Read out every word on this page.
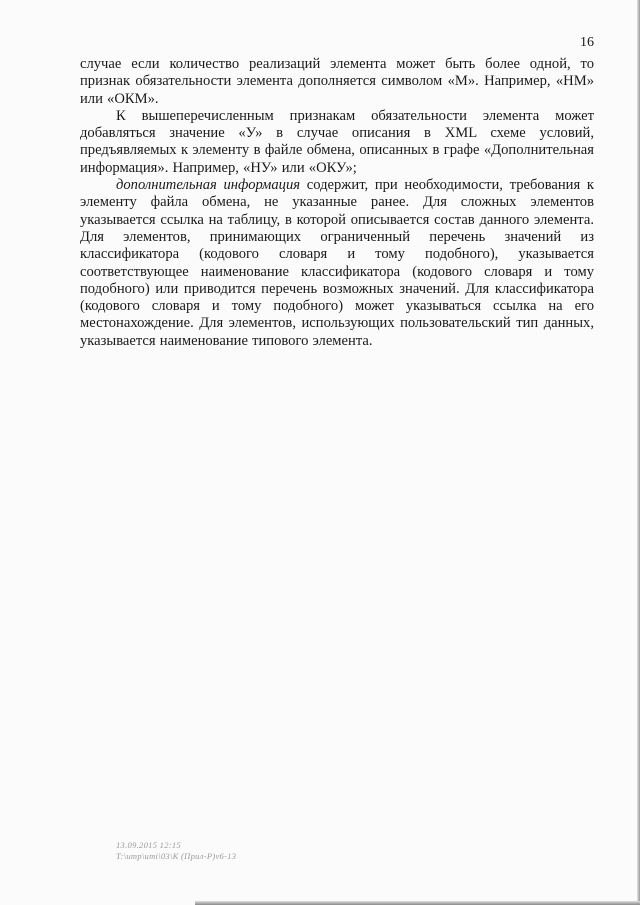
16

случае если количество реализаций элемента может быть более одной, то признак обязательности элемента дополняется символом «М». Например, «НМ» или «ОКМ».

К вышеперечисленным признакам обязательности элемента может добавляться значение «У» в случае описания в XML схеме условий, предъявляемых к элементу в файле обмена, описанных в графе «Дополнительная информация». Например, «НУ» или «ОКУ»;

дополнительная информация содержит, при необходимости, требования к элементу файла обмена, не указанные ранее. Для сложных элементов указывается ссылка на таблицу, в которой описывается состав данного элемента. Для элементов, принимающих ограниченный перечень значений из классификатора (кодового словаря и тому подобного), указывается соответствующее наименование классификатора (кодового словаря и тому подобного) или приводится перечень возможных значений. Для классификатора (кодового словаря и тому подобного) может указываться ссылка на его местонахождение. Для элементов, использующих пользовательский тип данных, указывается наименование типового элемента.

13.09.2015 12:15
T:\ump\umi\03\K (Прил-Р)v6-13
